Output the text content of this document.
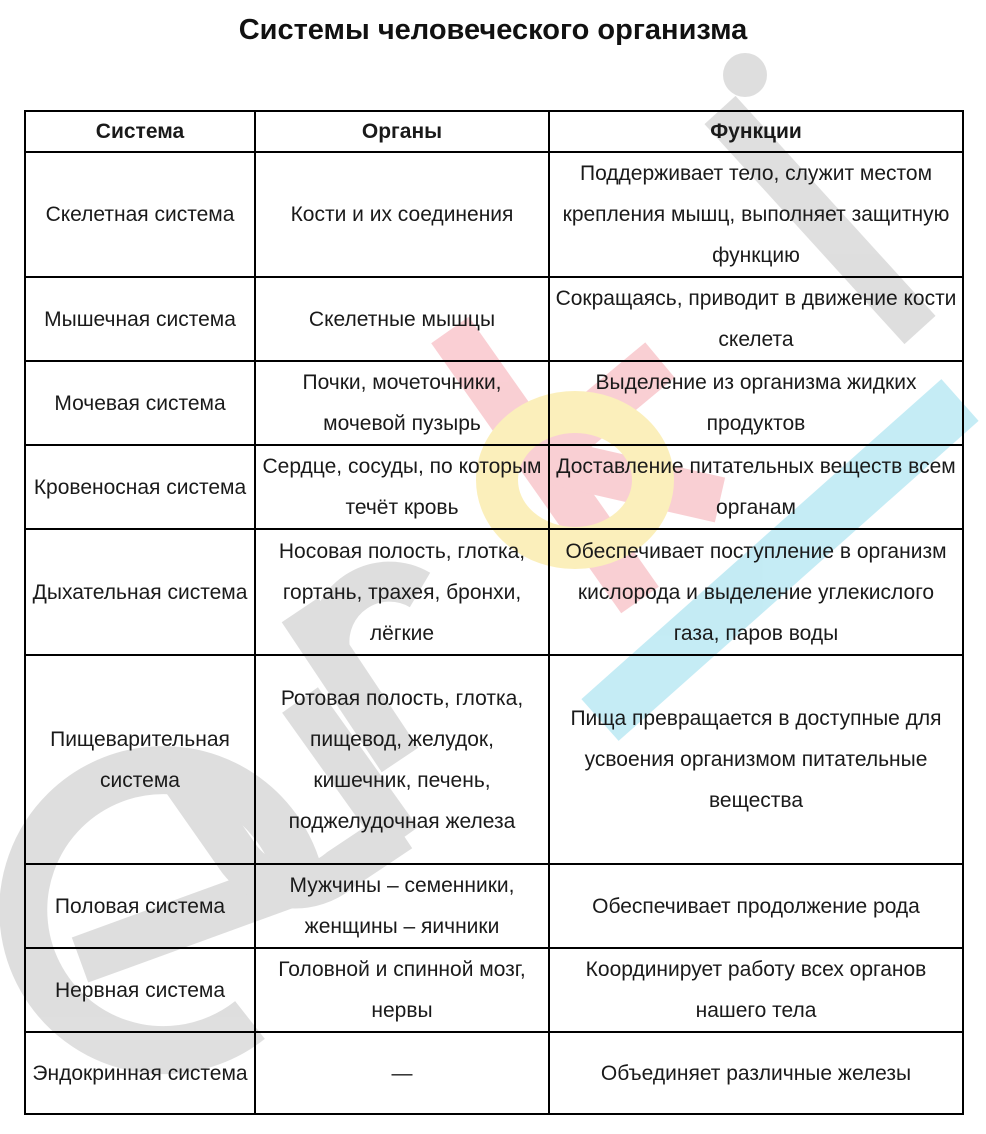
Системы человеческого организма
Система	Органы	Функции
Скелетная система	Кости и их соединения	Поддерживает тело, служит местом крепления мышц, выполняет защитную функцию
Мышечная система	Скелетные мышцы	Сокращаясь, приводит в движение кости скелета
Мочевая система	Почки, мочеточники, мочевой пузырь	Выделение из организма жидких продуктов
Кровеносная система	Сердце, сосуды, по которым течёт кровь	Доставление питательных веществ всем органам
Дыхательная система	Носовая полость, глотка, гортань, трахея, бронхи, лёгкие	Обеспечивает поступление в организм кислорода и выделение углекислого газа, паров воды
Пищеварительная система	Ротовая полость, глотка, пищевод, желудок, кишечник, печень, поджелудочная железа	Пища превращается в доступные для усвоения организмом питательные вещества
Половая система	Мужчины – семенники, женщины – яичники	Обеспечивает продолжение рода
Нервная система	Головной и спинной мозг, нервы	Координирует работу всех органов нашего тела
Эндокринная система	—	Объединяет различные железы
